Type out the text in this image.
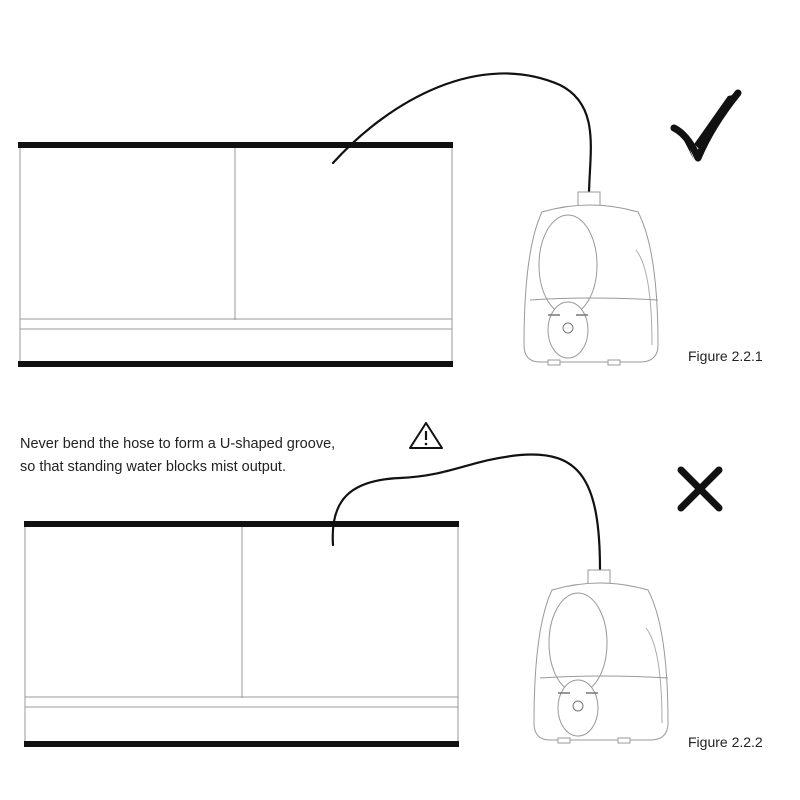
Never bend the hose to form a U-shaped groove,
so that standing water blocks mist output.
Figure 2.2.1
Figure 2.2.2
